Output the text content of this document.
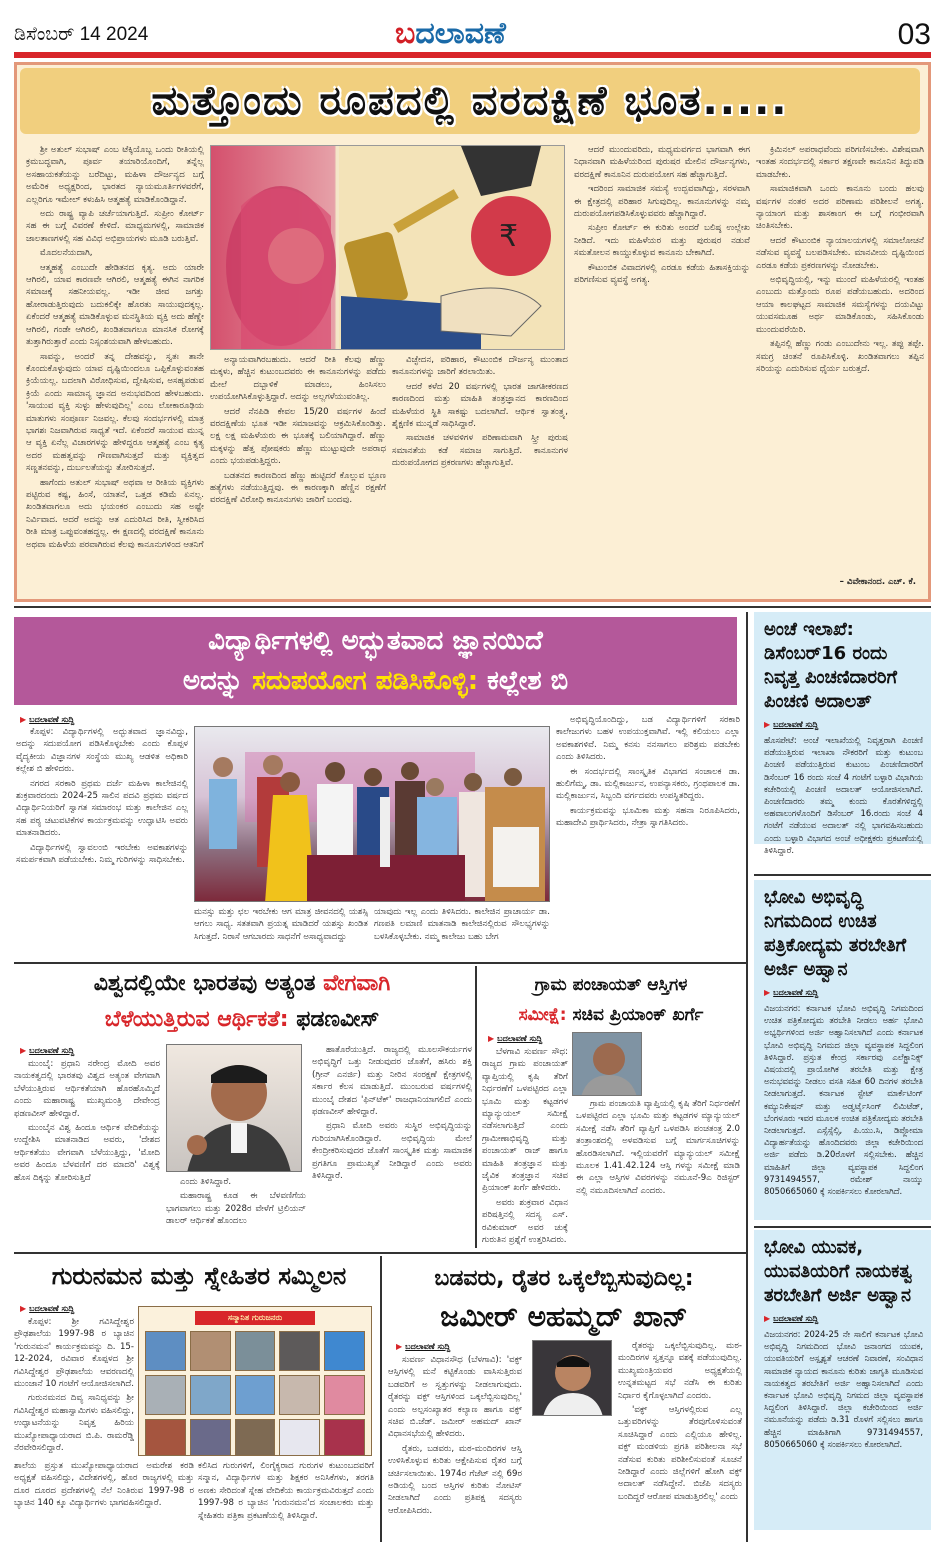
ಡಿಸೆಂಬರ್ 14 2024	ಬದಲಾವಣೆ	03
ಮತ್ತೊಂದು ರೂಪದಲ್ಲಿ ವರದಕ್ಷಿಣೆ ಭೂತ.....

ಶ್ರೀ ಅತುಲ್ ಸುಭಾಷ್ ಎಂಬ ಟೆಕ್ಕಿಯೊಬ್ಬ ಒಂದು ರೀತಿಯಲ್ಲಿ ಕ್ರಮಬದ್ಧವಾಗಿ, ಪೂರ್ವ ತಯಾರಿಯೊಂದಿಗೆ, ತನ್ನೆಲ್ಲ ಅಸಹಾಯಕತೆಯನ್ನು ಬರೆದಿಟ್ಟು, ಮಹಿಳಾ ದೌರ್ಜನ್ಯದ ಬಗ್ಗೆ ಅಮೆರಿಕ ಅಧ್ಯಕ್ಷರಿಂದ, ಭಾರತದ ನ್ಯಾಯಮೂರ್ತಿಗಳವರೆಗೆ, ಎಲ್ಲರಿಗೂ ಇಮೇಲ್ ಕಳುಹಿಸಿ ಆತ್ಮಹತ್ಯೆ ಮಾಡಿಕೊಂಡಿದ್ದಾನೆ.

ಅದು ರಾಷ್ಟ್ರ ವ್ಯಾಪಿ ಚರ್ಚೆಯಾಗುತ್ತಿದೆ. ಸುಪ್ರೀಂ ಕೋರ್ಟ್ ಸಹ ಈ ಬಗ್ಗೆ ವಿವರಣೆ ಕೇಳಿದೆ. ಮಾಧ್ಯಮಗಳಲ್ಲಿ, ಸಾಮಾಜಿಕ ಜಾಲತಾಣಗಳಲ್ಲಿ ಸಹ ವಿವಿಧ ಅಭಿಪ್ರಾಯಗಳು ಮೂಡಿ ಬರುತ್ತಿವೆ.

ಮೊದಲನೆಯದಾಗಿ,

ಆತ್ಮಹತ್ಯೆ ಎಂಬುದೇ ಹೇಡಿತನದ ಕೃತ್ಯ. ಅದು ಯಾರೇ ಆಗಿರಲಿ, ಯಾವ ಕಾರಣವೇ ಆಗಿರಲಿ, ಆತ್ಮಹತ್ಯೆ ಈಗಿನ ನಾಗರಿಕ ಸಮಾಜಕ್ಕೆ ಸಹನೀಯವಲ್ಲ. ಇಡೀ ಜೀವ ಜಗತ್ತು ಹೋರಾಡುತ್ತಿರುವುದು ಬದುಕಲಿಕ್ಕೇ ಹೊರತು ಸಾಯುವುದಕ್ಕಲ್ಲ. ಏಕೆಂದರೆ ಆತ್ಮಹತ್ಯೆ ಮಾಡಿಕೊಳ್ಳುವ ಮನಸ್ಥಿತಿಯ ವ್ಯಕ್ತಿ ಅದು ಹೆಣ್ಣೇ ಆಗಿರಲಿ, ಗಂಡೇ ಆಗಿರಲಿ, ಖಂಡಿತವಾಗಲೂ ಮಾನಸಿಕ ರೋಗಕ್ಕೆ ತುತ್ತಾಗಿರುತ್ತಾರೆ ಎಂದು ನಿಸ್ಸಂಶಯವಾಗಿ ಹೇಳಬಹುದು.

ಸಾವನ್ನು, ಅಂದರೆ ತನ್ನ ದೇಹವನ್ನು, ಸ್ವತಃ ತಾನೇ ಕೊಂದುಕೊಳ್ಳುವುದು ಯಾವ ದೃಷ್ಟಿಯಿಂದಲೂ ಒಪ್ಪಿಕೊಳ್ಳುವಂತಹ ಕ್ರಿಯೆಯಲ್ಲ. ಬದಲಾಗಿ ವಿರೋಧಿಸುವ, ದ್ವೇಷಿಸುವ, ಅಸಹ್ಯಪಡುವ ಕ್ರಿಯೆ ಎಂದು ಸಾಮಾನ್ಯ ಜ್ಞಾನದ ಅನುಭವದಿಂದ ಹೇಳಬಹುದು. 'ಸಾಯುವ ವ್ಯಕ್ತಿ ಸುಳ್ಳು ಹೇಳುವುದಿಲ್ಲ' ಎಂಬ ಲೋಕಾರೂಢಿಯ ಮಾತುಗಳು ಸಂಪೂರ್ಣ ನಿಜವಲ್ಲ. ಕೆಲವು ಸಂದರ್ಭಗಳಲ್ಲಿ ಮಾತ್ರ ಭಾಗಶಃ ನಿಜವಾಗಿರುವ ಸಾಧ್ಯತೆ ಇದೆ. ಏಕೆಂದರೆ ಸಾಯುವ ಮುನ್ನ ಆ ವ್ಯಕ್ತಿ ಏನೆಲ್ಲ ವಿಚಾರಗಳನ್ನು ಹೇಳಿದ್ದರೂ ಆತ್ಮಹತ್ಯೆ ಎಂಬ ಕೃತ್ಯ ಅದರ ಮಹತ್ವವನ್ನು ಗೌಣವಾಗಿಸುತ್ತದೆ ಮತ್ತು ವ್ಯಕ್ತಿತ್ವದ ಸಣ್ಣತನವನ್ನು, ದುರ್ಬಲತೆಯನ್ನು ತೋರಿಸುತ್ತದೆ.

ಹಾಗೆಂದು ಅತುಲ್ ಸುಭಾಷ್ ಅಥವಾ ಆ ರೀತಿಯ ವ್ಯಕ್ತಿಗಳು ಪಟ್ಟಿರುವ ಕಷ್ಟ, ಹಿಂಸೆ, ಯಾತನೆ, ಒತ್ತಡ ಕಡಿಮೆ ಏನಲ್ಲ. ಖಂಡಿತವಾಗಲೂ ಅದು ಭಯಂಕರ ಎಂಬುದು ಸಹ ಅಷ್ಟೇ ನಿರ್ವಿವಾದ. ಆದರೆ ಅದನ್ನು ಆತ ಎದುರಿಸಿದ ರೀತಿ, ಸ್ವೀಕರಿಸಿದ ರೀತಿ ಮಾತ್ರ ಒಪ್ಪುವಂತಹದ್ದಲ್ಲ. ಈ ಕ್ಷಣದಲ್ಲಿ ವರದಕ್ಷಿಣೆ ಕಾನೂನು ಅಥವಾ ಮಹಿಳೆಯ ಪರವಾಗಿರುವ ಕೆಲವು ಕಾನೂನುಗಳಿಂದ ಆತನಿಗೆ

₹

ಅನ್ಯಾಯವಾಗಿರಬಹುದು. ಆದರೆ ರೀತಿ ಕೆಲವು ಹೆಣ್ಣು ಮಕ್ಕಳು, ಹೆಚ್ಚಿನ ಕುಟುಂಬದವರು ಈ ಕಾನೂನುಗಳನ್ನು ಪಡೆದು ಮೇಲೆ ದಬ್ಬಾಳಿಕೆ ಮಾಡಲು, ಹಿಂಸಿಸಲು ಉಪಯೋಗಿಸಿಕೊಳ್ಳುತ್ತಿದ್ದಾರೆ. ಅದನ್ನು ಅಲ್ಲಗಳೆಯುವಂತಿಲ್ಲ.

ಆದರೆ ನೆನಪಿಡಿ ಕೇವಲ 15/20 ವರ್ಷಗಳ ಹಿಂದೆ ವರದಕ್ಷಿಣೆಯ ಭೂತ ಇಡೀ ಸಮಾಜವನ್ನು ಆಕ್ರಮಿಸಿಕೊಂಡಿತ್ತು. ಲಕ್ಷ ಲಕ್ಷ ಮಹಿಳೆಯರು ಈ ಭೂತಕ್ಕೆ ಬಲಿಯಾಗಿದ್ದಾರೆ. ಹೆಣ್ಣು ಮಕ್ಕಳನ್ನು ಹೆತ್ತ ಪೋಷಕರು ಹೆಣ್ಣು ಮುಟ್ಟುವುದೇ ಅಪರಾಧ ಎಂದು ಭಯಪಡುತ್ತಿದ್ದರು.

ಬಡತನದ ಕಾರಣದಿಂದ ಹೆಣ್ಣು ಹುಟ್ಟಿದರೆ ಕೊಲ್ಲುವ ಭ್ರೂಣ ಹತ್ಯೆಗಳು ನಡೆಯುತ್ತಿದ್ದವು. ಈ ಕಾರಣಕ್ಕಾಗಿ ಹೆಣ್ಣಿನ ರಕ್ಷಣೆಗೆ ವರದಕ್ಷಿಣೆ ವಿರೋಧಿ ಕಾನೂನುಗಳು ಜಾರಿಗೆ ಬಂದವು.

ವಿಚ್ಛೇದನ, ಪರಿಹಾರ, ಕೌಟುಂಬಿಕ ದೌರ್ಜನ್ಯ ಮುಂತಾದ ಕಾನೂನುಗಳನ್ನು ಜಾರಿಗೆ ತರಲಾಯಿತು.

ಆದರೆ ಕಳೆದ 20 ವರ್ಷಗಳಲ್ಲಿ ಭಾರತ ಜಾಗತೀಕರಣದ ಕಾರಣದಿಂದ ಮತ್ತು ಮಾಹಿತಿ ತಂತ್ರಜ್ಞಾನದ ಕಾರಣದಿಂದ ಮಹಿಳೆಯರ ಸ್ಥಿತಿ ಸಾಕಷ್ಟು ಬದಲಾಗಿದೆ. ಆರ್ಥಿಕ ಸ್ವಾತಂತ್ರ್ಯ, ಶೈಕ್ಷಣಿಕ ಮುನ್ನಡೆ ಸಾಧಿಸಿದ್ದಾರೆ.

ಸಾಮಾಜಿಕ ಚಳವಳಿಗಳ ಪರಿಣಾಮವಾಗಿ ಸ್ತ್ರೀ ಪುರುಷ ಸಮಾನತೆಯ ಕಡೆ ಸಮಾಜ ಸಾಗುತ್ತಿದೆ. ಕಾನೂನುಗಳ ದುರುಪಯೋಗದ ಪ್ರಕರಣಗಳು ಹೆಚ್ಚಾಗುತ್ತಿವೆ.

ಆದರೆ ಮುಂದುವರಿದು, ಮಧ್ಯಮವರ್ಗದ ಭಾಗವಾಗಿ ಈಗ ನಿಧಾನವಾಗಿ ಮಹಿಳೆಯರಿಂದ ಪುರುಷರ ಮೇಲಿನ ದೌರ್ಜನ್ಯಗಳು, ವರದಕ್ಷಿಣೆ ಕಾನೂನಿನ ದುರುಪಯೋಗ ಸಹ ಹೆಚ್ಚಾಗುತ್ತಿದೆ.

ಇದರಿಂದ ಸಾಮಾಜಿಕ ಸಮಸ್ಯೆ ಉದ್ಭವವಾಗಿದ್ದು, ಸರಳವಾಗಿ ಈ ಕ್ಷೇತ್ರದಲ್ಲಿ ಪರಿಹಾರ ಸಿಗುವುದಿಲ್ಲ. ಕಾನೂನುಗಳನ್ನು ನಮ್ಮ ದುರುಪಯೋಗಪಡಿಸಿಕೊಳ್ಳುವವರು ಹೆಚ್ಚಾಗಿದ್ದಾರೆ.

ಸುಪ್ರೀಂ ಕೋರ್ಟ್ ಈ ಕುರಿತು ಅಂದರೆ ಬಲಿಷ್ಠ ಉಲ್ಲೇಖ ನೀಡಿದೆ. ಇದು ಮಹಿಳೆಯರ ಮತ್ತು ಪುರುಷರ ನಡುವೆ ಸಮತೋಲನ ಕಾಯ್ದುಕೊಳ್ಳುವ ಕಾನೂನು ಬೇಕಾಗಿದೆ.

ಕೌಟುಂಬಿಕ ವಿವಾದಗಳಲ್ಲಿ ಎರಡೂ ಕಡೆಯ ಹಿತಾಸಕ್ತಿಯನ್ನು ಪರಿಗಣಿಸುವ ವ್ಯವಸ್ಥೆ ಅಗತ್ಯ.

ಕ್ರಿಮಿನಲ್ ಅಪರಾಧವೆಂದು ಪರಿಗಣಿಸಬೇಕು. ವಿಶೇಷವಾಗಿ ಇಂತಹ ಸಂದರ್ಭದಲ್ಲಿ ಸರ್ಕಾರ ತಕ್ಷಣವೇ ಕಾನೂನಿನ ತಿದ್ದುಪಡಿ ಮಾಡಬೇಕು.

ಸಾಮಾಜಿಕವಾಗಿ ಒಂದು ಕಾನೂನು ಬಂದು ಹಲವು ವರ್ಷಗಳ ನಂತರ ಅದರ ಪರಿಣಾಮ ಪರಿಶೀಲನೆ ಅಗತ್ಯ. ನ್ಯಾಯಾಂಗ ಮತ್ತು ಶಾಸಕಾಂಗ ಈ ಬಗ್ಗೆ ಗಂಭೀರವಾಗಿ ಚಿಂತಿಸಬೇಕು.

ಆದರೆ ಕೌಟುಂಬಿಕ ನ್ಯಾಯಾಲಯಗಳಲ್ಲಿ ಸಮಾಲೋಚನೆ ನಡೆಸುವ ವ್ಯವಸ್ಥೆ ಬಲಪಡಿಸಬೇಕು. ಮಾನವೀಯ ದೃಷ್ಟಿಯಿಂದ ಎರಡೂ ಕಡೆಯ ಪ್ರಕರಣಗಳನ್ನು ನೋಡಬೇಕು.

ಅಭಿವೃದ್ಧಿಯಲ್ಲಿ, ಇನ್ನು ಮುಂದೆ ಮಹಿಳೆಯರಲ್ಲಿ ಇಂತಹ ಎಂಬುದು ಮತ್ತೊಂದು ರೂಪ ಪಡೆಯಬಹುದು. ಅದರಿಂದ ಆಯಾ ಕಾಲಘಟ್ಟದ ಸಾಮಾಜಿಕ ಸಮಸ್ಯೆಗಳನ್ನು ದಯವಿಟ್ಟು ಯುವಸಮೂಹ ಅರ್ಥ ಮಾಡಿಕೊಂಡು, ಸಹಿಸಿಕೊಂಡು ಮುಂದುವರೆಯಿರಿ.

ತಪ್ಪಿನಲ್ಲಿ ಹೆಣ್ಣು ಗಂಡು ಎಂಬುದೇನು ಇಲ್ಲ. ತಪ್ಪು ತಪ್ಪೇ. ಸಮಗ್ರ ಚಿಂತನೆ ರೂಪಿಸಿಕೊಳ್ಳಿ. ಖಂಡಿತವಾಗಲು ತಪ್ಪಿನ ಸರಿಯನ್ನು ಎದುರಿಸುವ ಧೈರ್ಯ ಬರುತ್ತದೆ.

– ವಿವೇಕಾನಂದ. ಎಚ್. ಕೆ.
ವಿದ್ಯಾರ್ಥಿಗಳಲ್ಲಿ ಅದ್ಭುತವಾದ ಜ್ಞಾನಯಿದೆ
ಅದನ್ನು ಸದುಪಯೋಗ ಪಡಿಸಿಕೊಳ್ಳಿ: ಕಲ್ಲೇಶ ಬಿ
▶ ಬದಲಾವಣೆ ಸುದ್ದಿ

ಕೊಪ್ಪಳ: ವಿದ್ಯಾರ್ಥಿಗಳಲ್ಲಿ ಅದ್ಭುತವಾದ ಜ್ಞಾನವಿದ್ದು, ಅದನ್ನು ಸದುಪಯೋಗ ಪಡಿಸಿಕೊಳ್ಳಬೇಕು ಎಂದು ಕೊಪ್ಪಳ ವೈದ್ಯಕೀಯ ವಿಜ್ಞಾನಗಳ ಸಂಸ್ಥೆಯ ಮುಖ್ಯ ಆಡಳಿತ ಅಧಿಕಾರಿ ಕಲ್ಲೇಶ ಬಿ ಹೇಳಿದರು.

ನಗರದ ಸರಕಾರಿ ಪ್ರಥಮ ದರ್ಜೆ ಮಹಿಳಾ ಕಾಲೇಜಿನಲ್ಲಿ ಶುಕ್ರವಾರದಂದು 2024-25 ಸಾಲಿನ ಪದವಿ ಪ್ರಥಮ ವರ್ಷದ ವಿದ್ಯಾರ್ಥಿನಿಯರಿಗೆ ಸ್ವಾಗತ ಸಮಾರಂಭ ಮತ್ತು ಕಾಲೇಜಿನ ಎಲ್ಲ ಸಹ ಪಠ್ಯ ಚಟುವಟಿಕೆಗಳ ಕಾರ್ಯಕ್ರಮವನ್ನು ಉದ್ಘಾಟಿಸಿ ಅವರು ಮಾತನಾಡಿದರು.

ವಿದ್ಯಾರ್ಥಿಗಳಲ್ಲಿ ಸ್ವಾವಲಂಬಿ ಇರಬೇಕು ಅವಕಾಶಗಳನ್ನು ಸಮರ್ಪಕವಾಗಿ ಪಡೆಯಬೇಕು. ನಿಮ್ಮ ಗುರಿಗಳನ್ನು ಸಾಧಿಸಬೇಕು.

ಮನಸ್ಸು ಮತ್ತು ಛಲ ಇರಬೇಕು ಆಗ ಮಾತ್ರ ಜೀವನದಲ್ಲಿ ಯಶಸ್ಸಿ ಆಗಲು ಸಾಧ್ಯ. ಸತತವಾಗಿ ಪ್ರಯತ್ನ ಮಾಡಿದರೆ ಯಶಸ್ಸು ಖಂಡಿತ ಸಿಗುತ್ತದೆ. ನಿರಾಸೆ ಆಗಬಾರದು ಸಾಧನೆಗೆ ಅಸಾಧ್ಯವಾದದ್ದು
ಯಾವುದು ಇಲ್ಲ ಎಂದು ತಿಳಿಸಿದರು. ಕಾಲೇಜಿನ ಪ್ರಾಚಾರ್ಯ ಡಾ. ಗಣಪತಿ ಲಮಾಣಿ ಮಾತನಾಡಿ ಕಾಲೇಜಿನಲ್ಲಿರುವ ಸೌಲಭ್ಯಗಳನ್ನು ಬಳಸಿಕೊಳ್ಳಬೇಕು. ನಮ್ಮ ಕಾಲೇಜು ಬಹು ಬೇಗ

ಅಭಿವೃದ್ಧಿಯೊಂದಿದ್ದು, ಬಡ ವಿದ್ಯಾರ್ಥಿಗಳಿಗೆ ಸರಕಾರಿ ಕಾಲೇಜುಗಳು ಬಹಳ ಉಪಯುಕ್ತವಾಗಿವೆ. ಇಲ್ಲಿ ಕಲಿಯಲು ಎಲ್ಲಾ ಅವಕಾಶಗಳಿವೆ. ನಿಮ್ಮ ಕನಸು ನನಸಾಗಲು ಪರಿಶ್ರಮ ಪಡಬೇಕು ಎಂದು ತಿಳಿಸಿದರು.

ಈ ಸಂದರ್ಭದಲ್ಲಿ ಸಾಂಸ್ಕೃತಿಕ ವಿಭಾಗದ ಸಂಚಾಲಕ ಡಾ. ಹುಲಿಗೆಮ್ಮ, ಡಾ. ಮಲ್ಲಿಕಾರ್ಜುನ, ಉಪನ್ಯಾಸಕರು, ಗ್ರಂಥಪಾಲಕ ಡಾ. ಮಲ್ಲಿಕಾರ್ಜುನ, ಸಿಬ್ಬಂದಿ ವರ್ಗದವರು ಉಪಸ್ಥಿತರಿದ್ದರು.

ಕಾರ್ಯಕ್ರಮವನ್ನು ಭೂಮಿಕಾ ಮತ್ತು ಸಹನಾ ನಿರೂಪಿಸಿದರು, ಮಹಾದೇವಿ ಪ್ರಾರ್ಥಿಸಿದರು, ನೇತ್ರಾ ಸ್ವಾಗತಿಸಿದರು.

ಅಂಚೆ ಇಲಾಖೆ: ಡಿಸೆಂಬರ್16 ರಂದು ನಿವೃತ್ತ ಪಿಂಚಣಿದಾರರಿಗೆ ಪಿಂಚಣಿ ಅದಾಲತ್
▶ ಬದಲಾವಣೆ ಸುದ್ದಿ
ಹೊಸಪೇಟೆ: ಅಂಚೆ ಇಲಾಖೆಯಲ್ಲಿ ನಿವೃತ್ತರಾಗಿ ಪಿಂಚಣಿ ಪಡೆಯುತ್ತಿರುವ ಇಲಾಖಾ ನೌಕರರಿಗೆ ಮತ್ತು ಕುಟುಂಬ ಪಿಂಚಣಿ ಪಡೆಯುತ್ತಿರುವ ಕುಟುಂಬ ಪಿಂಚಣಿದಾರರಿಗೆ ಡಿಸೆಂಬರ್ 16 ರಂದು ಸಂಜೆ 4 ಗಂಟೆಗೆ ಬಳ್ಳಾರಿ ವಿಭಾಗಿಯ ಕಚೇರಿಯಲ್ಲಿ ಪಿಂಚಣಿ ಅದಾಲತ್ ಆಯೋಜಿಸಲಾಗಿದೆ. ಪಿಂಚಣಿದಾರರು ತಮ್ಮ ಕುಂದು ಕೊರತೆಗಳಿದ್ದಲ್ಲಿ ಅಹವಾಲುಗಳೊಂದಿಗೆ ಡಿಸೆಂಬರ್ 16.ರಂದು ಸಂಜೆ 4 ಗಂಟೆಗೆ ನಡೆಯುವ ಅದಾಲತ್ ನಲ್ಲಿ ಭಾಗವಹಿಸಬಹುದು ಎಂದು ಬಳ್ಳಾರಿ ವಿಭಾಗದ ಅಂಚೆ ಅಧೀಕ್ಷಕರು ಪ್ರಕಟಣೆಯಲ್ಲಿ ತಿಳಿಸಿದ್ದಾರೆ.
ಭೋವಿ ಅಭಿವೃದ್ಧಿ ನಿಗಮದಿಂದ ಉಚಿತ ಪತ್ರಿಕೋದ್ಯಮ ತರಬೇತಿಗೆ ಅರ್ಜಿ ಅಹ್ವಾನ
▶ ಬದಲಾವಣೆ ಸುದ್ದಿ
ವಿಜಯನಗರ: ಕರ್ನಾಟಕ ಭೋವಿ ಅಭಿವೃದ್ಧಿ ನಿಗಮದಿಂದ ಉಚಿತ ಪತ್ರಿಕೋದ್ಯಮ ತರಬೇತಿ ನೀಡಲು ಅರ್ಹ ಭೋವಿ ಅಭ್ಯರ್ಥಿಗಳಿಂದ ಅರ್ಜಿ ಅಹ್ವಾನಿಸಲಾಗಿದೆ ಎಂದು ಕರ್ನಾಟಕ ಭೋವಿ ಅಭಿವೃದ್ಧಿ ನಿಗಮದ ಜಿಲ್ಲಾ ವ್ಯವಸ್ಥಾಪಕ ಸಿದ್ದಲಿಂಗ ತಿಳಿಸಿದ್ದಾರೆ. ಪ್ರಸ್ತುತ ಕೇಂದ್ರ ಸರ್ಕಾರವು ಎಲೆಕ್ಟ್ರಾನಿಕ್ಸ್ ವಿಷಯದಲ್ಲಿ ಪ್ರಾಯೋಗಿಕ ತರಬೇತಿ ಮತ್ತು ಕ್ಷೇತ್ರ ಅನುಭವವನ್ನು ನೀಡಲು ವಸತಿ ಸಹಿತ 60 ದಿನಗಳ ತರಬೇತಿ ನೀಡಲಾಗುತ್ತದೆ. ಕರ್ನಾಟಕ ಸ್ಟೇಟ್ ಮಾರ್ಕೆಟಿಂಗ್ ಕಮ್ಯುನಿಕೇಷನ್ ಮತ್ತು ಅಡ್ವರ್ಟೈಸಿಂಗ್ ಲಿಮಿಟೆಡ್, ಬೆಂಗಳೂರು ಇವರ ಮೂಲಕ ಉಚಿತ ಪತ್ರಿಕೋದ್ಯಮ ತರಬೇತಿ ನೀಡಲಾಗುತ್ತದೆ. ಎಸ್ಸೆಸ್ಸೆಲ್ಸಿ, ಪಿ.ಯು.ಸಿ, ಡಿಪ್ಲೋಮಾ ವಿದ್ಯಾರ್ಹತೆಯನ್ನು ಹೊಂದಿದವರು ಜಿಲ್ಲಾ ಕಚೇರಿಯಿಂದ ಅರ್ಜಿ ಪಡೆದು ಡಿ.20ರೊಳಗೆ ಸಲ್ಲಿಸಬೇಕು. ಹೆಚ್ಚಿನ ಮಾಹಿತಿಗೆ ಜಿಲ್ಲಾ ವ್ಯವಸ್ಥಾಪಕ ಸಿದ್ದಲಿಂಗ 9731494557, ರಮೇಶ್ ನಾಯ್ಕು 8050665060 ಕ್ಕೆ ಸಂಪರ್ಕಿಸಲು ಕೋರಲಾಗಿದೆ.
ಭೋವಿ ಯುವಕ, ಯುವತಿಯರಿಗೆ ನಾಯಕತ್ವ ತರಬೇತಿಗೆ ಅರ್ಜಿ ಅಹ್ವಾನ
▶ ಬದಲಾವಣೆ ಸುದ್ದಿ
ವಿಜಯನಗರ: 2024-25 ನೇ ಸಾಲಿಗೆ ಕರ್ನಾಟಕ ಭೋವಿ ಅಭಿವೃದ್ಧಿ ನಿಗಮದಿಂದ ಭೋವಿ ಜನಾಂಗದ ಯುವಕ, ಯುವತಿಯರಿಗೆ ಅಸ್ಪೃಶ್ಯತೆ ಆಚರಣೆ ನಿವಾರಣೆ, ಸಂವಿಧಾನ ಸಾಮಾಜಿಕ ನ್ಯಾಯದ ಕಾನೂನು ಕುರಿತು ಜಾಗೃತಿ ಮೂಡಿಸುವ ನಾಯಕತ್ವದ ತರಬೇತಿಗೆ ಅರ್ಜಿ ಅಹ್ವಾನಿಸಲಾಗಿದೆ ಎಂದು ಕರ್ನಾಟಕ ಭೋವಿ ಅಭಿವೃದ್ಧಿ ನಿಗಮದ ಜಿಲ್ಲಾ ವ್ಯವಸ್ಥಾಪಕ ಸಿದ್ದಲಿಂಗ ತಿಳಿಸಿದ್ದಾರೆ. ಜಿಲ್ಲಾ ಕಚೇರಿಯಿಂದ ಅರ್ಜಿ ನಮೂನೆಯನ್ನು ಪಡೆದು ಡಿ.31 ರೊಳಗೆ ಸಲ್ಲಿಸಲು ಹಾಗೂ ಹೆಚ್ಚಿನ ಮಾಹಿತಿಗಾಗಿ 9731494557, 8050665060 ಕ್ಕೆ ಸಂಪರ್ಕಿಸಲು ಕೋರಲಾಗಿದೆ.
ವಿಶ್ವದಲ್ಲಿಯೇ ಭಾರತವು ಅತ್ಯಂತ ವೇಗವಾಗಿ
ಬೆಳೆಯುತ್ತಿರುವ ಆರ್ಥಿಕತೆ: ಫಡಣವೀಸ್
▶ ಬದಲಾವಣೆ ಸುದ್ದಿ

ಮುಂಬೈ: ಪ್ರಧಾನಿ ನರೇಂದ್ರ ಮೋದಿ ಅವರ ನಾಯಕತ್ವದಲ್ಲಿ ಭಾರತವು ವಿಶ್ವದ ಅತ್ಯಂತ ವೇಗವಾಗಿ ಬೆಳೆಯುತ್ತಿರುವ ಆರ್ಥಿಕತೆಯಾಗಿ ಹೊರಹೊಮ್ಮಿದೆ ಎಂದು ಮಹಾರಾಷ್ಟ್ರ ಮುಖ್ಯಮಂತ್ರಿ ದೇವೇಂದ್ರ ಫಡಣವೀಸ್ ಹೇಳಿದ್ದಾರೆ.

ಮುಂಬೈನ ವಿಶ್ವ ಹಿಂದೂ ಆರ್ಥಿಕ ವೇದಿಕೆಯನ್ನು ಉದ್ದೇಶಿಸಿ ಮಾತನಾಡಿದ ಅವರು, 'ದೇಶದ ಆರ್ಥಿಕತೆಯು ವೇಗವಾಗಿ ಬೆಳೆಯುತ್ತಿದ್ದು, 'ಮೋದಿ ಅವರ ಹಿಂದೂ ಬೆಳವಣಿಗೆ ದರ ಮಾದರಿ' ವಿಶ್ವಕ್ಕೆ ಹೊಸ ದಿಕ್ಕನ್ನು ತೋರಿಸುತ್ತಿದೆ	ಎಂದು ತಿಳಿಸಿದ್ದಾರೆ.

ಮಹಾರಾಷ್ಟ್ರ ಕೂಡ ಈ ಬೆಳವಣಿಗೆಯ ಭಾಗವಾಗಲು ಮತ್ತು 2028ರ ವೇಳೆಗೆ ಟ್ರಿಲಿಯನ್ ಡಾಲರ್ ಆರ್ಥಿಕತೆ ಹೊಂದಲು

ಹಾತೊರೆಯುತ್ತಿದೆ. ರಾಜ್ಯದಲ್ಲಿ ಮೂಲಸೌಕರ್ಯಗಳ ಅಭಿವೃದ್ಧಿಗೆ ಒತ್ತು ನೀಡುವುದರ ಜೊತೆಗೆ, ಹಸಿರು ಶಕ್ತಿ (ಗ್ರೀನ್ ಎನರ್ಜಿ) ಮತ್ತು ನೀರಿನ ಸಂರಕ್ಷಣೆ ಕ್ಷೇತ್ರಗಳಲ್ಲಿ ಸರ್ಕಾರ ಕೆಲಸ ಮಾಡುತ್ತಿದೆ. ಮುಂಬರುವ ವರ್ಷಗಳಲ್ಲಿ ಮುಂಬೈ ದೇಶದ 'ಫಿನ್‌ಟೆಕ್' ರಾಜಧಾನಿಯಾಗಲಿದೆ ಎಂದು ಫಡಣವೀಸ್ ಹೇಳಿದ್ದಾರೆ.

ಪ್ರಧಾನಿ ಮೋದಿ ಅವರು ಸುಸ್ಥಿರ ಅಭಿವೃದ್ಧಿಯನ್ನು ಗುರಿಯಾಗಿಸಿಕೊಂಡಿದ್ದಾರೆ. ಅಭಿವೃದ್ಧಿಯ ಮೇಲೆ ಕೇಂದ್ರೀಕರಿಸುವುದರ ಜೊತೆಗೆ ಸಾಂಸ್ಕೃತಿಕ ಮತ್ತು ಸಾಮಾಜಿಕ ಪ್ರಗತಿಗೂ ಪ್ರಾಮುಖ್ಯತೆ ನೀಡಿದ್ದಾರೆ ಎಂದು ಅವರು ತಿಳಿಸಿದ್ದಾರೆ.

ಗ್ರಾಮ ಪಂಚಾಯತ್ ಆಸ್ತಿಗಳ
ಸಮೀಕ್ಷೆ: ಸಚಿವ ಪ್ರಿಯಾಂಕ್ ಖರ್ಗೆ
▶ ಬದಲಾವಣೆ ಸುದ್ದಿ

ಬೆಳಗಾವಿ ಸುವರ್ಣ ಸೌಧ: ರಾಜ್ಯದ ಗ್ರಾಮ ಪಂಚಾಯತ್ ವ್ಯಾಪ್ತಿಯಲ್ಲಿ ಕೃಷಿ ತೆರಿಗೆ ನಿರ್ಧರಣೆಗೆ ಒಳಪಟ್ಟಿರದ ಎಲ್ಲಾ ಭೂಮಿ ಮತ್ತು ಕಟ್ಟಡಗಳ ಮ್ಯಾನ್ಯುಯಲ್ ಸಮೀಕ್ಷೆ ನಡೆಸಲಾಗುತ್ತಿದೆ ಎಂದು ಗ್ರಾಮೀಣಾಭಿವೃದ್ಧಿ ಮತ್ತು ಪಂಚಾಯತ್ ರಾಜ್ ಹಾಗೂ ಮಾಹಿತಿ ತಂತ್ರಜ್ಞಾನ ಮತ್ತು ಜೈವಿಕ ತಂತ್ರಜ್ಞಾನ ಸಚಿವ ಪ್ರಿಯಾಂಕ್ ಖರ್ಗೆ ಹೇಳಿದರು.

ಅವರು ಶುಕ್ರವಾರ ವಿಧಾನ ಪರಿಷತ್ತಿನಲ್ಲಿ ಸದಸ್ಯ ಎಸ್. ರವಿಕುಮಾರ್ ಅವರ ಚುಕ್ಕೆ ಗುರುತಿನ ಪ್ರಶ್ನೆಗೆ ಉತ್ತರಿಸಿದರು.

ಗ್ರಾಮ ಪಂಚಾಯತಿ ವ್ಯಾಪ್ತಿಯಲ್ಲಿ ಕೃಷಿ ತೆರಿಗೆ ನಿರ್ಧರಣೆಗೆ ಒಳಪಟ್ಟಿರದ ಎಲ್ಲಾ ಭೂಮಿ ಮತ್ತು ಕಟ್ಟಡಗಳ ಮ್ಯಾನ್ಯುಯಲ್ ಸಮೀಕ್ಷೆ ನಡೆಸಿ ತೆರಿಗೆ ವ್ಯಾಪ್ತಿಗೆ ಒಳಪಡಿಸಿ ಪಂಚತಂತ್ರ 2.0 ತಂತ್ರಾಂಶದಲ್ಲಿ ಅಳವಡಿಸುವ ಬಗ್ಗೆ ಮಾರ್ಗಸೂಚಿಗಳನ್ನು ಹೊರಡಿಸಲಾಗಿದೆ. ಇಲ್ಲಿಯವರೆಗೆ ಮ್ಯಾನ್ಯುಯಲ್ ಸಮೀಕ್ಷೆ ಮೂಲಕ 1.41.42.124 ಆಸ್ತಿ ಗಳನ್ನು ಸಮೀಕ್ಷೆ ಮಾಡಿ ಈ ಎಲ್ಲಾ ಆಸ್ತಿಗಳ ವಿವರಗಳನ್ನು ನಮೂನೆ-9ಎ ರಿಜಿಸ್ಟರ್ ನಲ್ಲಿ ನಮೂದಿಸಲಾಗಿದೆ ಎಂದರು.

ಗುರುನಮನ ಮತ್ತು ಸ್ನೇಹಿತರ ಸಮ್ಮಿಲನ
▶ ಬದಲಾವಣೆ ಸುದ್ದಿ

ಕೊಪ್ಪಳ: ಶ್ರೀ ಗವಿಸಿದ್ದೇಶ್ವರ ಪ್ರೌಢಶಾಲೆಯ 1997-98 ರ ಬ್ಯಾಚಿನ 'ಗುರುನಮನ' ಕಾರ್ಯಕ್ರಮವನ್ನು ದಿ. 15-12-2024, ರವಿವಾರ ಕೊಪ್ಪಳದ ಶ್ರೀ ಗವಿಸಿದ್ದೇಶ್ವರ ಪ್ರೌಢಶಾಲೆಯ ಆವರಣದಲ್ಲಿ ಮುಂಜಾನೆ 10 ಗಂಟೆಗೆ ಆಯೋಜಿಸಲಾಗಿದೆ.

ಗುರುನಮನದ ದಿವ್ಯ ಸಾನಿಧ್ಯವನ್ನು ಶ್ರೀ ಗವಿಸಿದ್ದೇಶ್ವರ ಮಹಾಸ್ವಾಮಿಗಳು ವಹಿಸಲಿದ್ದು, ಉದ್ಘಾಟನೆಯನ್ನು ನಿವೃತ್ತ ಹಿರಿಯ ಮುಖ್ಯೋಪಾಧ್ಯಾಯರಾದ ಬಿ.ಪಿ. ರಾಮರೆಡ್ಡಿ ನೆರವೇರಿಸಲಿದ್ದಾರೆ.

ಸನ್ಮಾನಿತ ಗುರುಜನರು
ಶಾಲೆಯ ಪ್ರಸ್ತುತ ಮುಖ್ಯೋಪಾಧ್ಯಾಯರಾದ ಅಮರೇಶ ಕರಡಿ ಅಧ್ಯಕ್ಷತೆ ವಹಿಸಲಿದ್ದು, ವಿದೇಶಗಳಲ್ಲಿ, ಹೊರ ರಾಜ್ಯಗಳಲ್ಲಿ ಮತ್ತು ದೂರ ದೂರದ ಪ್ರದೇಶಗಳಲ್ಲಿ ನೆಲೆ ನಿಂತಿರುವ 1997-98 ರ ಬ್ಯಾಚಿನ 140 ಕ್ಕೂ ವಿದ್ಯಾರ್ಥಿಗಳು ಭಾಗವಹಿಸಲಿದ್ದಾರೆ.
ಕಲಿಸಿದ ಗುರುಗಳಿಗೆ, ಲಿಂಗೈಕ್ಯರಾದ ಗುರುಗಳ ಕುಟುಂಬದವರಿಗೆ ಸನ್ಮಾನ, ವಿದ್ಯಾರ್ಥಿಗಳ ಮತ್ತು ಶಿಕ್ಷಕರ ಅನಿಸಿಕೆಗಳು, ತರಗತಿ ಅಣಕು ಸೇರಿದಂತೆ ಸ್ನೇಹ ವೇದಿಕೆಯ ಕಾರ್ಯಕ್ರಮವಿರುತ್ತದೆ ಎಂದು 1997-98 ರ ಬ್ಯಾಚಿನ 'ಗುರುನಮನ'ದ ಸಂಚಾಲಕರು ಮತ್ತು ಸ್ನೇಹಿತರು ಪತ್ರಿಕಾ ಪ್ರಕಟಣೆಯಲ್ಲಿ ತಿಳಿಸಿದ್ದಾರೆ.
ಬಡವರು, ರೈತರ ಒಕ್ಕಲೆಬ್ಬಿಸುವುದಿಲ್ಲ:
ಜಮೀರ್ ಅಹಮ್ಮದ್ ಖಾನ್
▶ ಬದಲಾವಣೆ ಸುದ್ದಿ

ಸುವರ್ಣ ವಿಧಾನಸೌಧ (ಬೆಳಗಾವಿ): 'ವಕ್ಫ್ ಆಸ್ತಿಗಳಲ್ಲಿ ಮನೆ ಕಟ್ಟಿಕೊಂಡು ವಾಸಿಸುತ್ತಿರುವ ಬಡವರಿಗೆ ಅ ಸ್ವತ್ತುಗಳನ್ನು ನೀಡಲಾಗುವುದು. ರೈತರನ್ನು ವಕ್ಫ್ ಆಸ್ತಿಗಳಿಂದ ಒಕ್ಕಲೆಬ್ಬಿಸುವುದಿಲ್ಲ' ಎಂದು ಅಲ್ಪಸಂಖ್ಯಾತರ ಕಲ್ಯಾಣ ಹಾಗೂ ವಕ್ಫ್ ಸಚಿವ ಬಿ.ಜೆಡ್. ಜಮೀರ್ ಅಹಮದ್ ಖಾನ್ ವಿಧಾನಸಭೆಯಲ್ಲಿ ಹೇಳಿದರು.

ರೈತರು, ಬಡವರು, ಮಠ-ಮಂದಿರಗಳ ಆಸ್ತಿ ಉಳಿಸಿಕೊಳ್ಳುವ ಕುರಿತು ಆಕ್ಷೇಪಿಸುವ ರೈತರ ಬಗ್ಗೆ ಚರ್ಚಿಸಲಾಯಿತು. 1974ರ ಗೆಜೆಟ್‌ ನಲ್ಲಿ 69ರ ಅಡಿಯಲ್ಲಿ ಬಂದ ಆಸ್ತಿಗಳ ಕುರಿತು ನೋಟಿಸ್ ನೀಡಲಾಗಿದೆ ಎಂದು ಪ್ರತಿಪಕ್ಷ ಸದಸ್ಯರು ಆರೋಪಿಸಿದರು.

ರೈತರನ್ನು ಒಕ್ಕಲೆಬ್ಬಿಸುವುದಿಲ್ಲ. ಮಠ-ಮಂದಿರಗಳ ಸ್ವತ್ತನ್ನೂ ವಶಕ್ಕೆ ಪಡೆಯುವುದಿಲ್ಲ. ಮುಖ್ಯಮಂತ್ರಿಯವರ ಅಧ್ಯಕ್ಷತೆಯಲ್ಲಿ ಉನ್ನತಮಟ್ಟದ ಸಭೆ ನಡೆಸಿ ಈ ಕುರಿತು ನಿರ್ಧಾರ ಕೈಗೊಳ್ಳಲಾಗಿದೆ ಎಂದರು.

'ವಕ್ಫ್ ಆಸ್ತಿಗಳಲ್ಲಿರುವ ಎಲ್ಲ ಒತ್ತುವರಿಗಳನ್ನು ತೆರವುಗೊಳಿಸುವಂತೆ ಸೂಚಿಸಿದ್ದಾರೆ ಎಂದು ಎಲ್ಲಿಯೂ ಹೇಳಿಲ್ಲ. ವಕ್ಫ್ ಮಂಡಳಿಯ ಪ್ರಗತಿ ಪರಿಶೀಲನಾ ಸಭೆ ನಡೆಸುವ ಕುರಿತು ಪರಿಶೀಲಿಸುವಂತೆ ಸೂಚನೆ ನೀಡಿದ್ದಾರೆ ಎಂದು ಜಿಲ್ಲೆಗಳಿಗೆ ಹೋಗಿ ವಕ್ಫ್ ಅದಾಲತ್ ನಡೆಸಿದ್ದೇನೆ. ಬಿಜೆಪಿ ಸದಸ್ಯರು ಬಂದಿದ್ದರೆ ಆರೋಪ ಮಾಡುತ್ತಿರಲಿಲ್ಲ' ಎಂದು
